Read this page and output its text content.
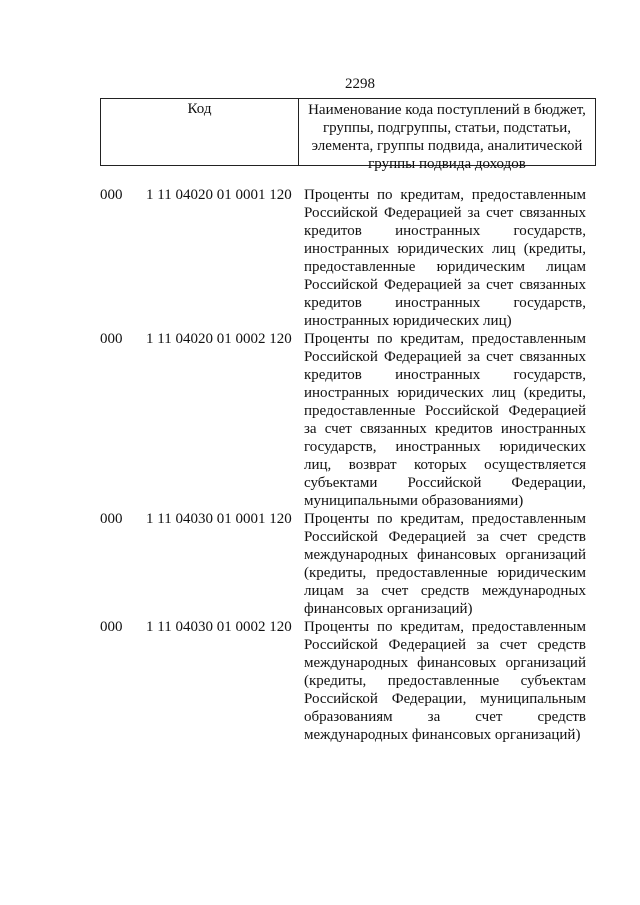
2298
Код	Наименование кода поступлений в бюджет, группы, подгруппы, статьи, подстатьи, элемента, группы подвида, аналитической группы подвида доходов
000	1 11 04020 01 0001 120 Проценты по кредитам, предоставленным Российской Федерацией за счет связанных кредитов иностранных государств, иностранных юридических лиц (кредиты, предоставленные юридическим лицам Российской Федерацией за счет связанных кредитов иностранных государств, иностранных юридических лиц)
000	1 11 04020 01 0002 120 Проценты по кредитам, предоставленным Российской Федерацией за счет связанных кредитов иностранных государств, иностранных юридических лиц (кредиты, предоставленные Российской Федерацией за счет связанных кредитов иностранных государств, иностранных юридических лиц, возврат которых осуществляется субъектами Российской Федерации, муниципальными образованиями)
000	1 11 04030 01 0001 120 Проценты по кредитам, предоставленным Российской Федерацией за счет средств международных финансовых организаций (кредиты, предоставленные юридическим лицам за счет средств международных финансовых организаций)
000	1 11 04030 01 0002 120 Проценты по кредитам, предоставленным Российской Федерацией за счет средств международных финансовых организаций (кредиты, предоставленные субъектам Российской Федерации, муниципальным образованиям за счет средств международных финансовых организаций)
